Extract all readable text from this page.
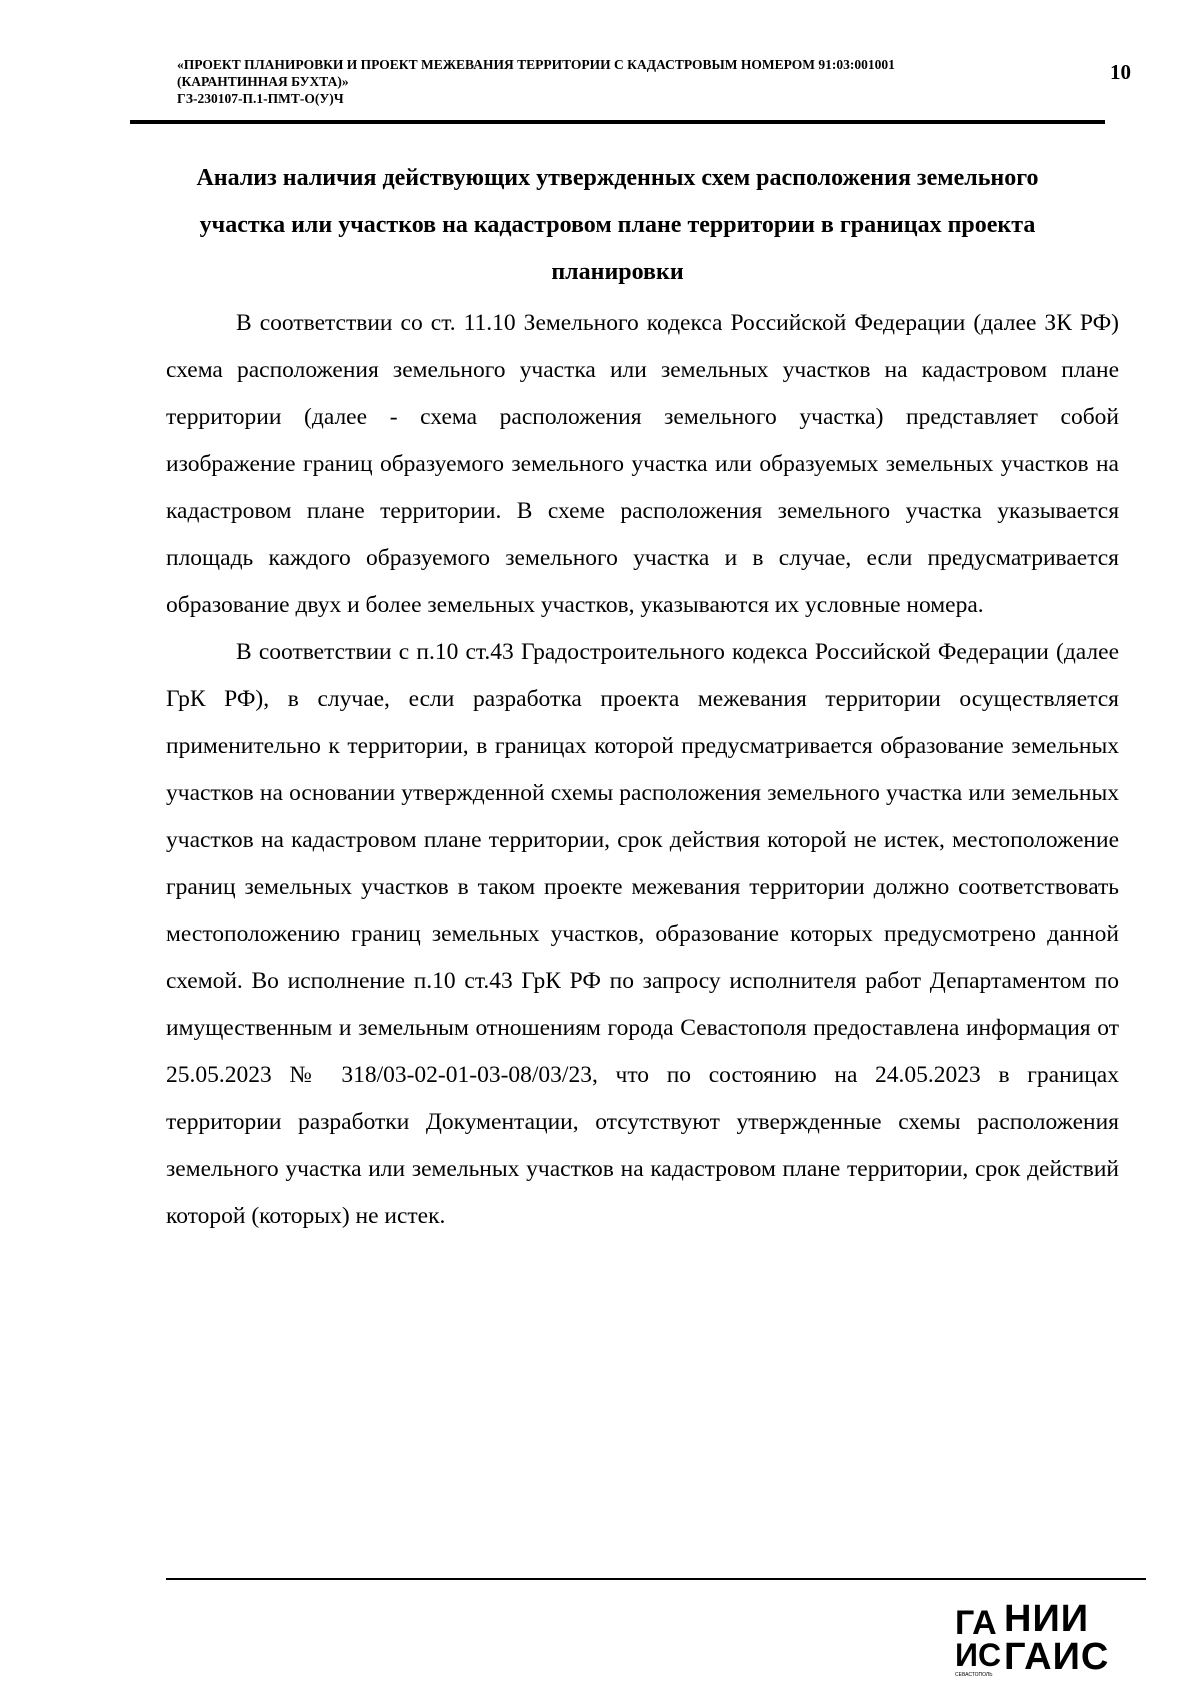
«ПРОЕКТ ПЛАНИРОВКИ И ПРОЕКТ МЕЖЕВАНИЯ ТЕРРИТОРИИ С КАДАСТРОВЫМ НОМЕРОМ 91:03:001001
(КАРАНТИННАЯ БУХТА)»
ГЗ-230107-П.1-ПМТ-О(У)Ч
10
Анализ наличия действующих утвержденных схем расположения земельного
участка или участков на кадастровом плане территории в границах проекта
планировки

В соответствии со ст. 11.10 Земельного кодекса Российской Федерации (далее ЗК РФ) схема расположения земельного участка или земельных участков на кадастровом плане территории (далее - схема расположения земельного участка) представляет собой изображение границ образуемого земельного участка или образуемых земельных участков на кадастровом плане территории. В схеме расположения земельного участка указывается площадь каждого образуемого земельного участка и в случае, если предусматривается образование двух и более земельных участков, указываются их условные номера.

В соответствии с п.10 ст.43 Градостроительного кодекса Российской Федерации (далее ГрК РФ), в случае, если разработка проекта межевания территории осуществляется применительно к территории, в границах которой предусматривается образование земельных участков на основании утвержденной схемы расположения земельного участка или земельных участков на кадастровом плане территории, срок действия которой не истек, местоположение границ земельных участков в таком проекте межевания территории должно соответствовать местоположению границ земельных участков, образование которых предусмотрено данной схемой. Во исполнение п.10 ст.43 ГрК РФ по запросу исполнителя работ Департаментом по имущественным и земельным отношениям города Севастополя предоставлена информация от 25.05.2023 № 318/03-02-01-03-08/03/23, что по состоянию на 24.05.2023 в границах территории разработки Документации, отсутствуют утвержденные схемы расположения земельного участка или земельных участков на кадастровом плане территории, срок действий которой (которых) не истек.

ГА
ИС
СЕВАСТОПОЛЬ
НИИ
ГАИС
